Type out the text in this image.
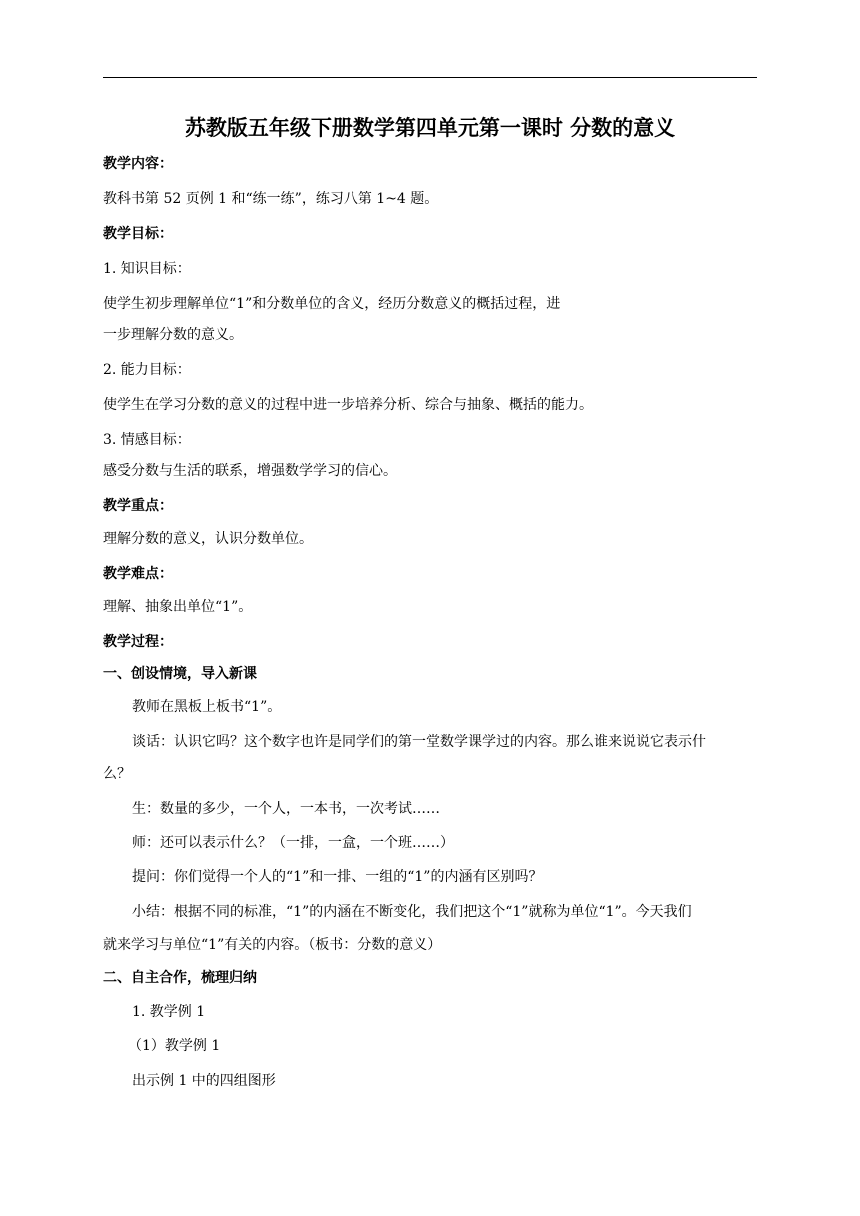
苏教版五年级下册数学第四单元第一课时 分数的意义
教学内容：
教科书第 52 页例 1 和“练一练”，练习八第 1~4 题。
教学目标：
1. 知识目标：
使学生初步理解单位“1”和分数单位的含义，经历分数意义的概括过程，进
一步理解分数的意义。
2. 能力目标：
使学生在学习分数的意义的过程中进一步培养分析、综合与抽象、概括的能力。
3. 情感目标：
感受分数与生活的联系，增强数学学习的信心。
教学重点：
理解分数的意义，认识分数单位。
教学难点：
理解、抽象出单位“1”。
教学过程：
一、创设情境，导入新课
教师在黑板上板书“1”。
谈话：认识它吗？这个数字也许是同学们的第一堂数学课学过的内容。那么谁来说说它表示什
么？
生：数量的多少，一个人，一本书，一次考试……
师：还可以表示什么？（一排，一盒，一个班……）
提问：你们觉得一个人的“1”和一排、一组的“1”的内涵有区别吗？
小结：根据不同的标准，“1”的内涵在不断变化，我们把这个“1”就称为单位“1”。今天我们
就来学习与单位“1”有关的内容。（板书：分数的意义）
二、自主合作，梳理归纳
1. 教学例 1
（1）教学例 1
出示例 1 中的四组图形
